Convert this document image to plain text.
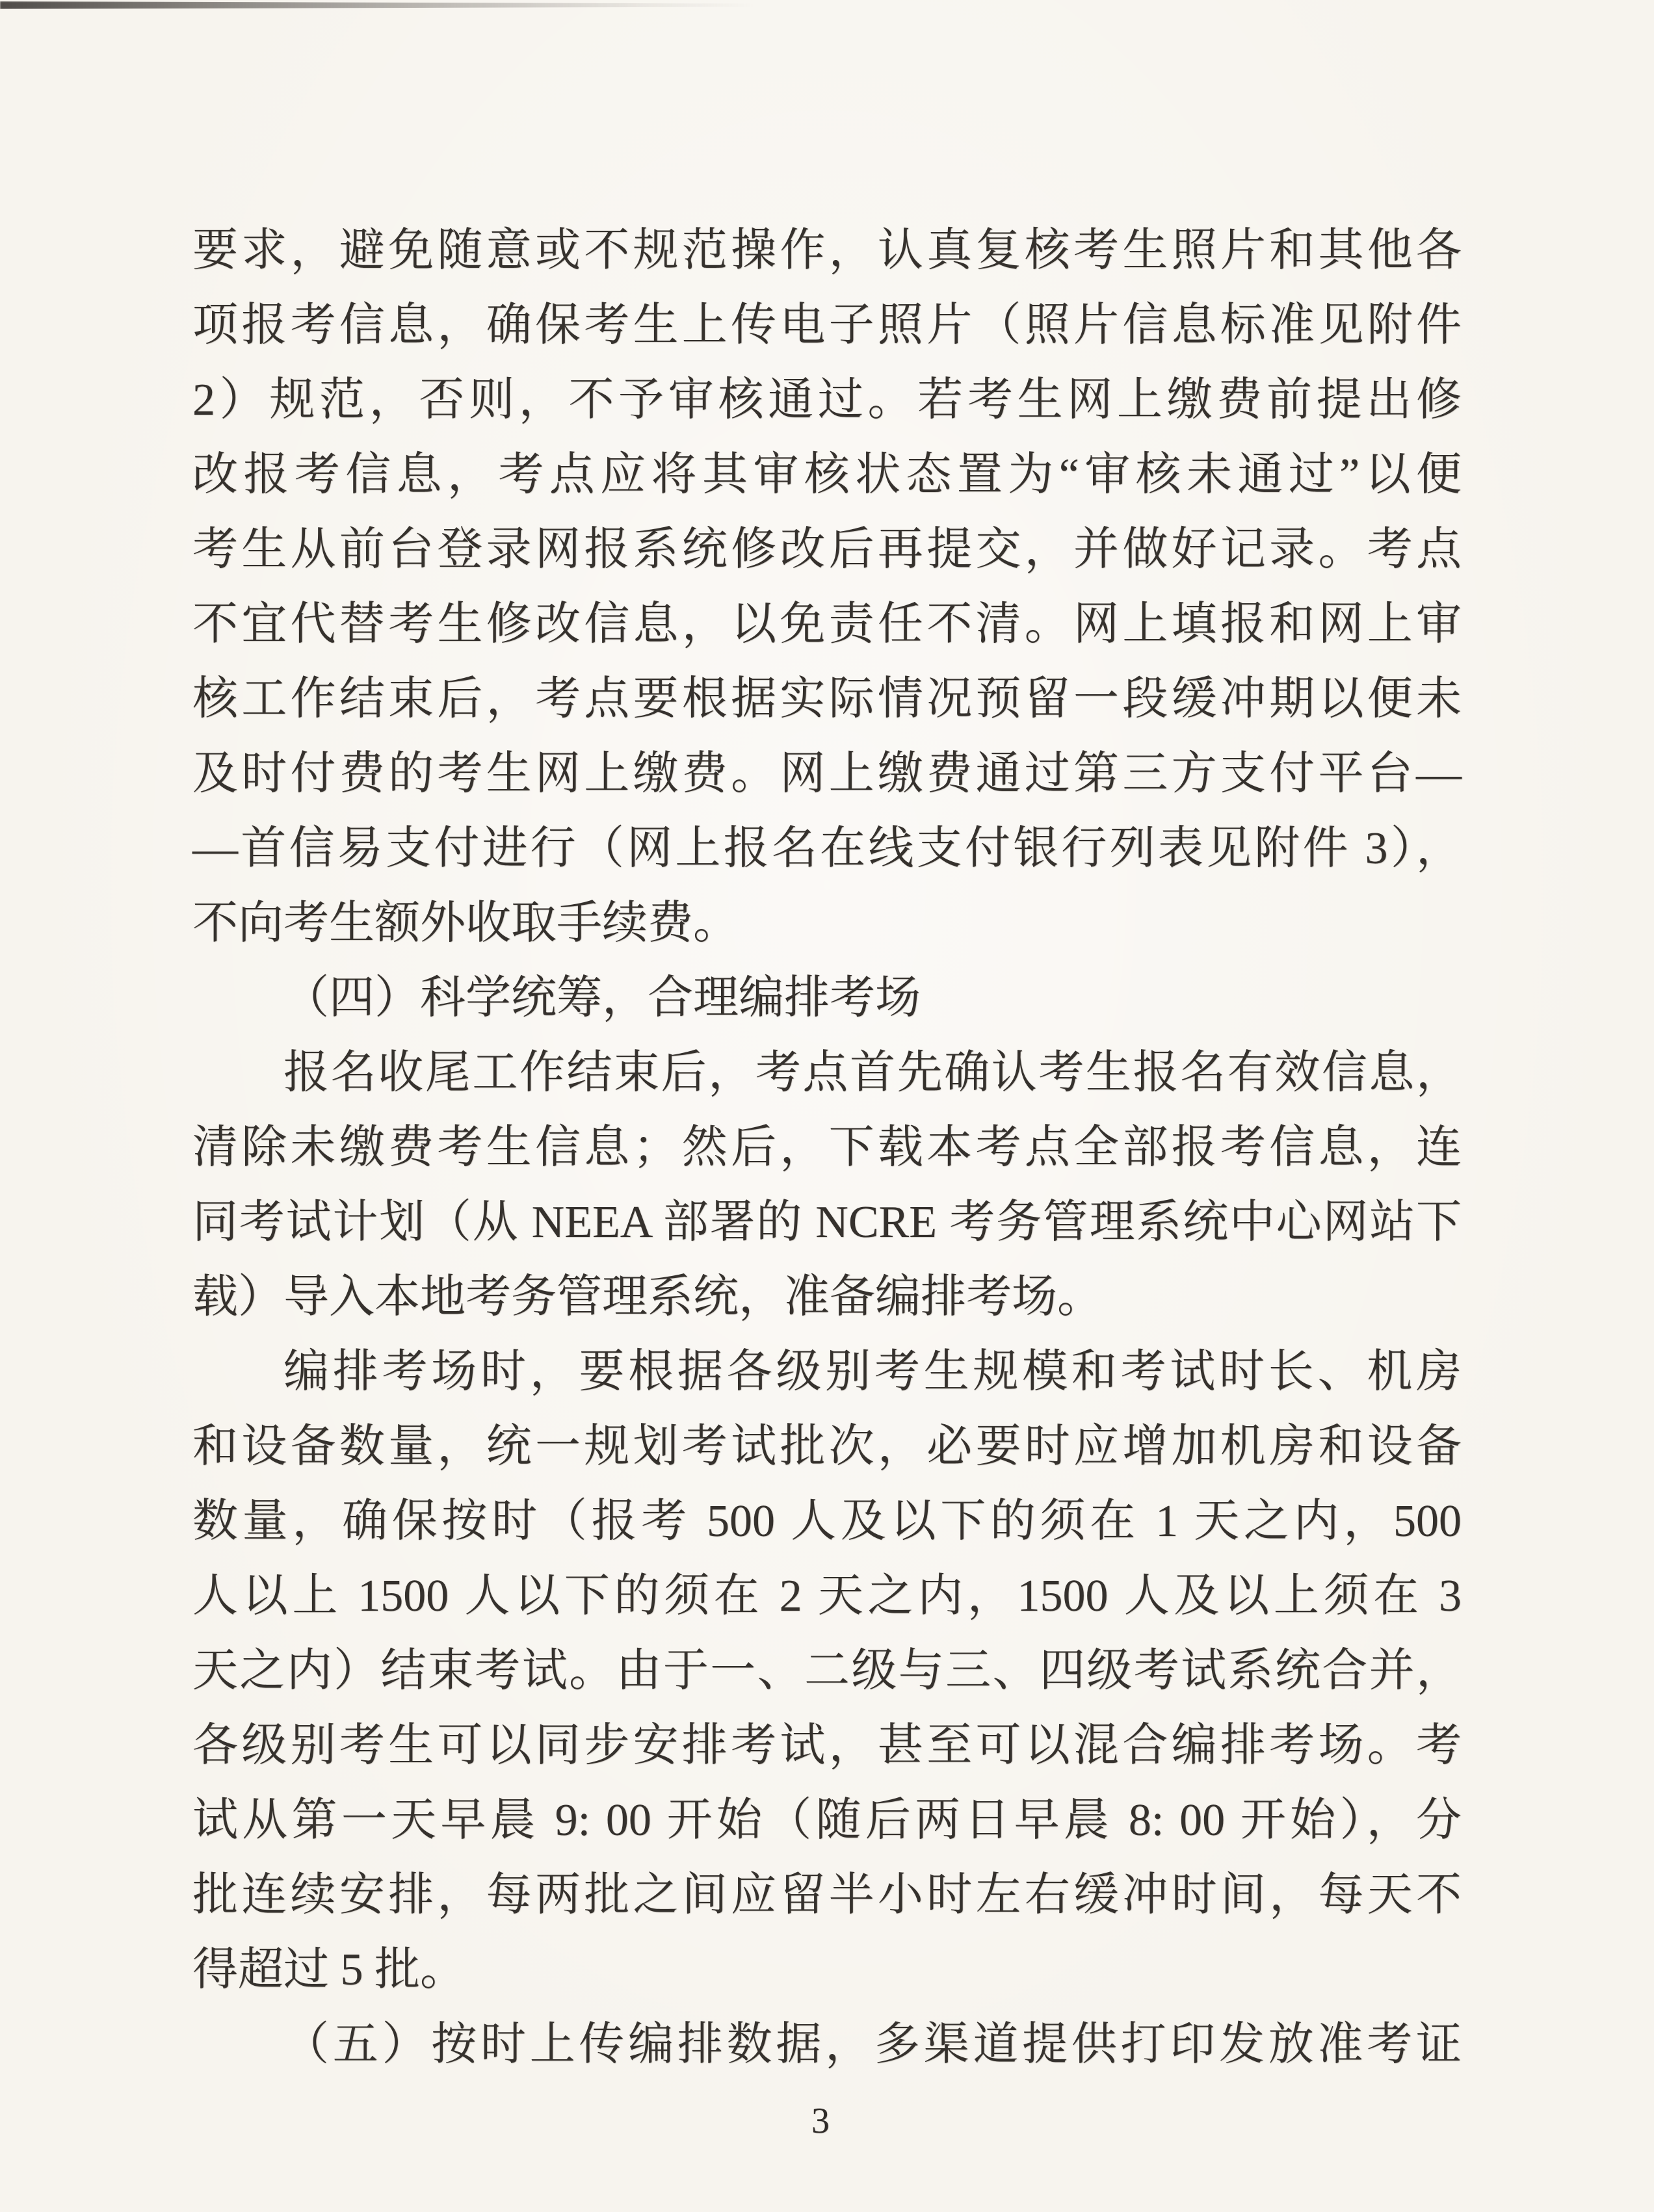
要求，避免随意或不规范操作，认真复核考生照片和其他各
项报考信息，确保考生上传电子照片（照片信息标准见附件
2）规范，否则，不予审核通过。若考生网上缴费前提出修
改报考信息，考点应将其审核状态置为“审核未通过”以便
考生从前台登录网报系统修改后再提交，并做好记录。考点
不宜代替考生修改信息，以免责任不清。网上填报和网上审
核工作结束后，考点要根据实际情况预留一段缓冲期以便未
及时付费的考生网上缴费。网上缴费通过第三方支付平台—
—首信易支付进行（网上报名在线支付银行列表见附件 3），
不向考生额外收取手续费。
（四）科学统筹，合理编排考场
报名收尾工作结束后，考点首先确认考生报名有效信息，
清除未缴费考生信息；然后，下载本考点全部报考信息，连
同考试计划（从 NEEA 部署的 NCRE 考务管理系统中心网站下
载）导入本地考务管理系统，准备编排考场。
编排考场时，要根据各级别考生规模和考试时长、机房
和设备数量，统一规划考试批次，必要时应增加机房和设备
数量，确保按时（报考 500 人及以下的须在 1 天之内，500
人以上 1500 人以下的须在 2 天之内，1500 人及以上须在 3
天之内）结束考试。由于一、二级与三、四级考试系统合并，
各级别考生可以同步安排考试，甚至可以混合编排考场。考
试从第一天早晨 9: 00 开始（随后两日早晨 8: 00 开始），分
批连续安排，每两批之间应留半小时左右缓冲时间，每天不
得超过 5 批。
（五）按时上传编排数据，多渠道提供打印发放准考证
3
